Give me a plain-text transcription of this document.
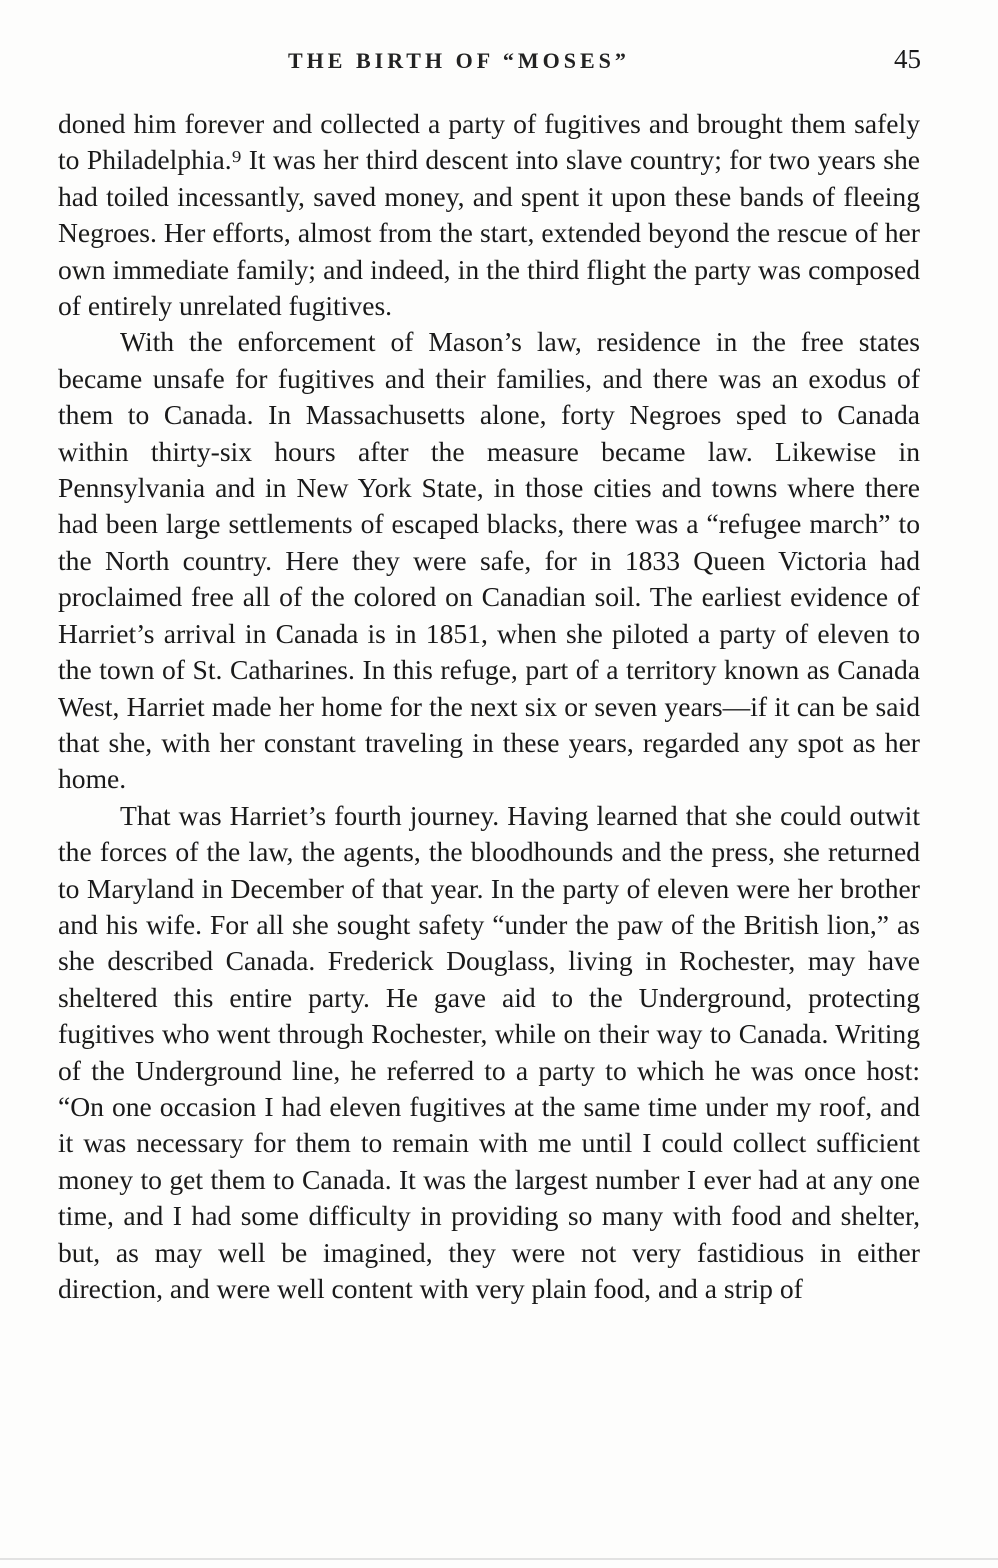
THE BIRTH OF “MOSES”	45

doned him forever and collected a party of fugitives and brought them safely to Philadelphia.⁹ It was her third descent into slave country; for two years she had toiled incessantly, saved money, and spent it upon these bands of fleeing Negroes. Her efforts, almost from the start, extended beyond the rescue of her own immediate family; and indeed, in the third flight the party was composed of entirely unrelated fugitives.

With the enforcement of Mason’s law, residence in the free states became unsafe for fugitives and their families, and there was an exodus of them to Canada. In Massachusetts alone, forty Negroes sped to Canada within thirty-six hours after the measure became law. Likewise in Pennsylvania and in New York State, in those cities and towns where there had been large settlements of escaped blacks, there was a “refugee march” to the North country. Here they were safe, for in 1833 Queen Victoria had proclaimed free all of the colored on Canadian soil. The earliest evidence of Harriet’s arrival in Canada is in 1851, when she piloted a party of eleven to the town of St. Catharines. In this refuge, part of a territory known as Canada West, Harriet made her home for the next six or seven years—if it can be said that she, with her constant traveling in these years, regarded any spot as her home.

That was Harriet’s fourth journey. Having learned that she could outwit the forces of the law, the agents, the bloodhounds and the press, she returned to Maryland in December of that year. In the party of eleven were her brother and his wife. For all she sought safety “under the paw of the British lion,” as she described Canada. Frederick Douglass, living in Rochester, may have sheltered this entire party. He gave aid to the Underground, protecting fugitives who went through Rochester, while on their way to Canada. Writing of the Underground line, he referred to a party to which he was once host: “On one occasion I had eleven fugitives at the same time under my roof, and it was necessary for them to remain with me until I could collect sufficient money to get them to Canada. It was the largest number I ever had at any one time, and I had some difficulty in providing so many with food and shelter, but, as may well be imagined, they were not very fastidious in either direction, and were well content with very plain food, and a strip of
